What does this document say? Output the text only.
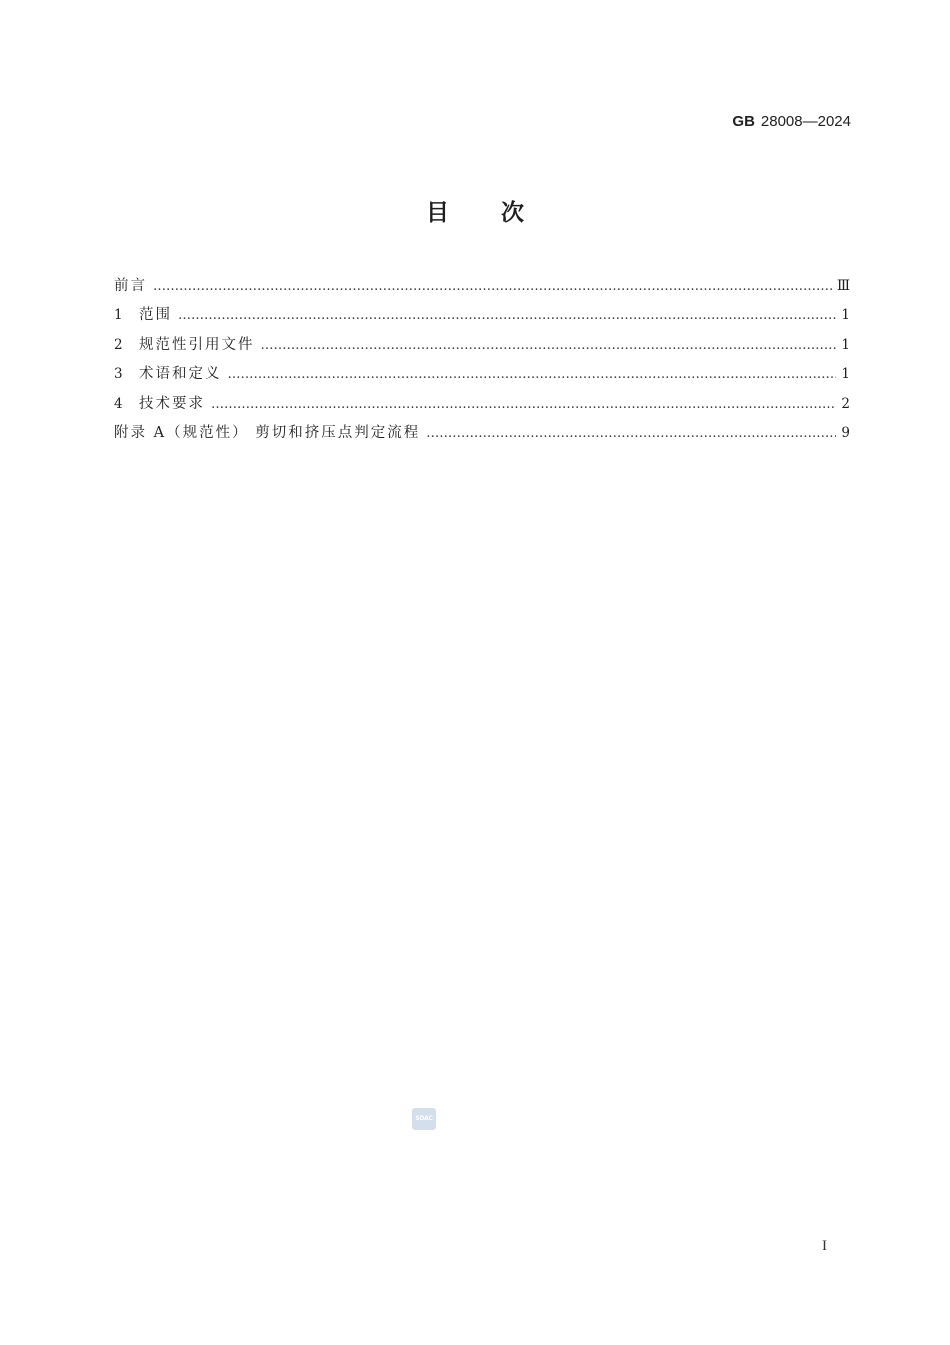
GB 28008—2024
目次
前言 …………………………………………………………………………………………………………………………………………………………………………………………………………………………………………	Ⅲ
1	范围 …………………………………………………………………………………………………………………………………………………………………………………………………………………………………………	1
2	规范性引用文件 …………………………………………………………………………………………………………………………………………………………………………………………………………………………………………	1
3	术语和定义 …………………………………………………………………………………………………………………………………………………………………………………………………………………………………………	1
4	技术要求 …………………………………………………………………………………………………………………………………………………………………………………………………………………………………………	2
附录 A（规范性） 剪切和挤压点判定流程 …………………………………………………………………………………………………………………………………………………………………………………………………………………………………………	9
SDAC
I
